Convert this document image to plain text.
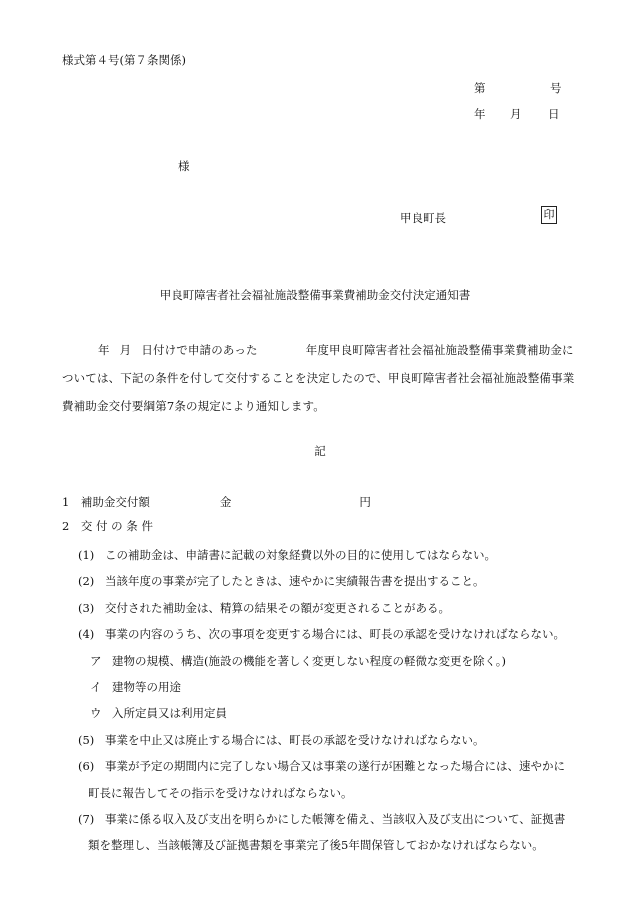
様式第４号(第７条関係)
第	号
年 月 日
様
甲良町長	印
甲良町障害者社会福祉施設整備事業費補助金交付決定通知書
年 月 日付けで申請のあった	年度甲良町障害者社会福祉施設整備事業費補助金に
ついては、下記の条件を付して交付することを決定したので、甲良町障害者社会福祉施設整備事業
費補助金交付要綱第7条の規定により通知します。
記
1　補助金交付額	金	円
2　交 付 の 条 件
(1) この補助金は、申請書に記載の対象経費以外の目的に使用してはならない。
(2) 当該年度の事業が完了したときは、速やかに実績報告書を提出すること。
(3) 交付された補助金は、精算の結果その額が変更されることがある。
(4) 事業の内容のうち、次の事項を変更する場合には、町長の承認を受けなければならない。
ア 建物の規模、構造(施設の機能を著しく変更しない程度の軽微な変更を除く。)
イ 建物等の用途
ウ 入所定員又は利用定員
(5) 事業を中止又は廃止する場合には、町長の承認を受けなければならない。
(6) 事業が予定の期間内に完了しない場合又は事業の遂行が困難となった場合には、速やかに
町長に報告してその指示を受けなければならない。
(7) 事業に係る収入及び支出を明らかにした帳簿を備え、当該収入及び支出について、証拠書
類を整理し、当該帳簿及び証拠書類を事業完了後5年間保管しておかなければならない。
